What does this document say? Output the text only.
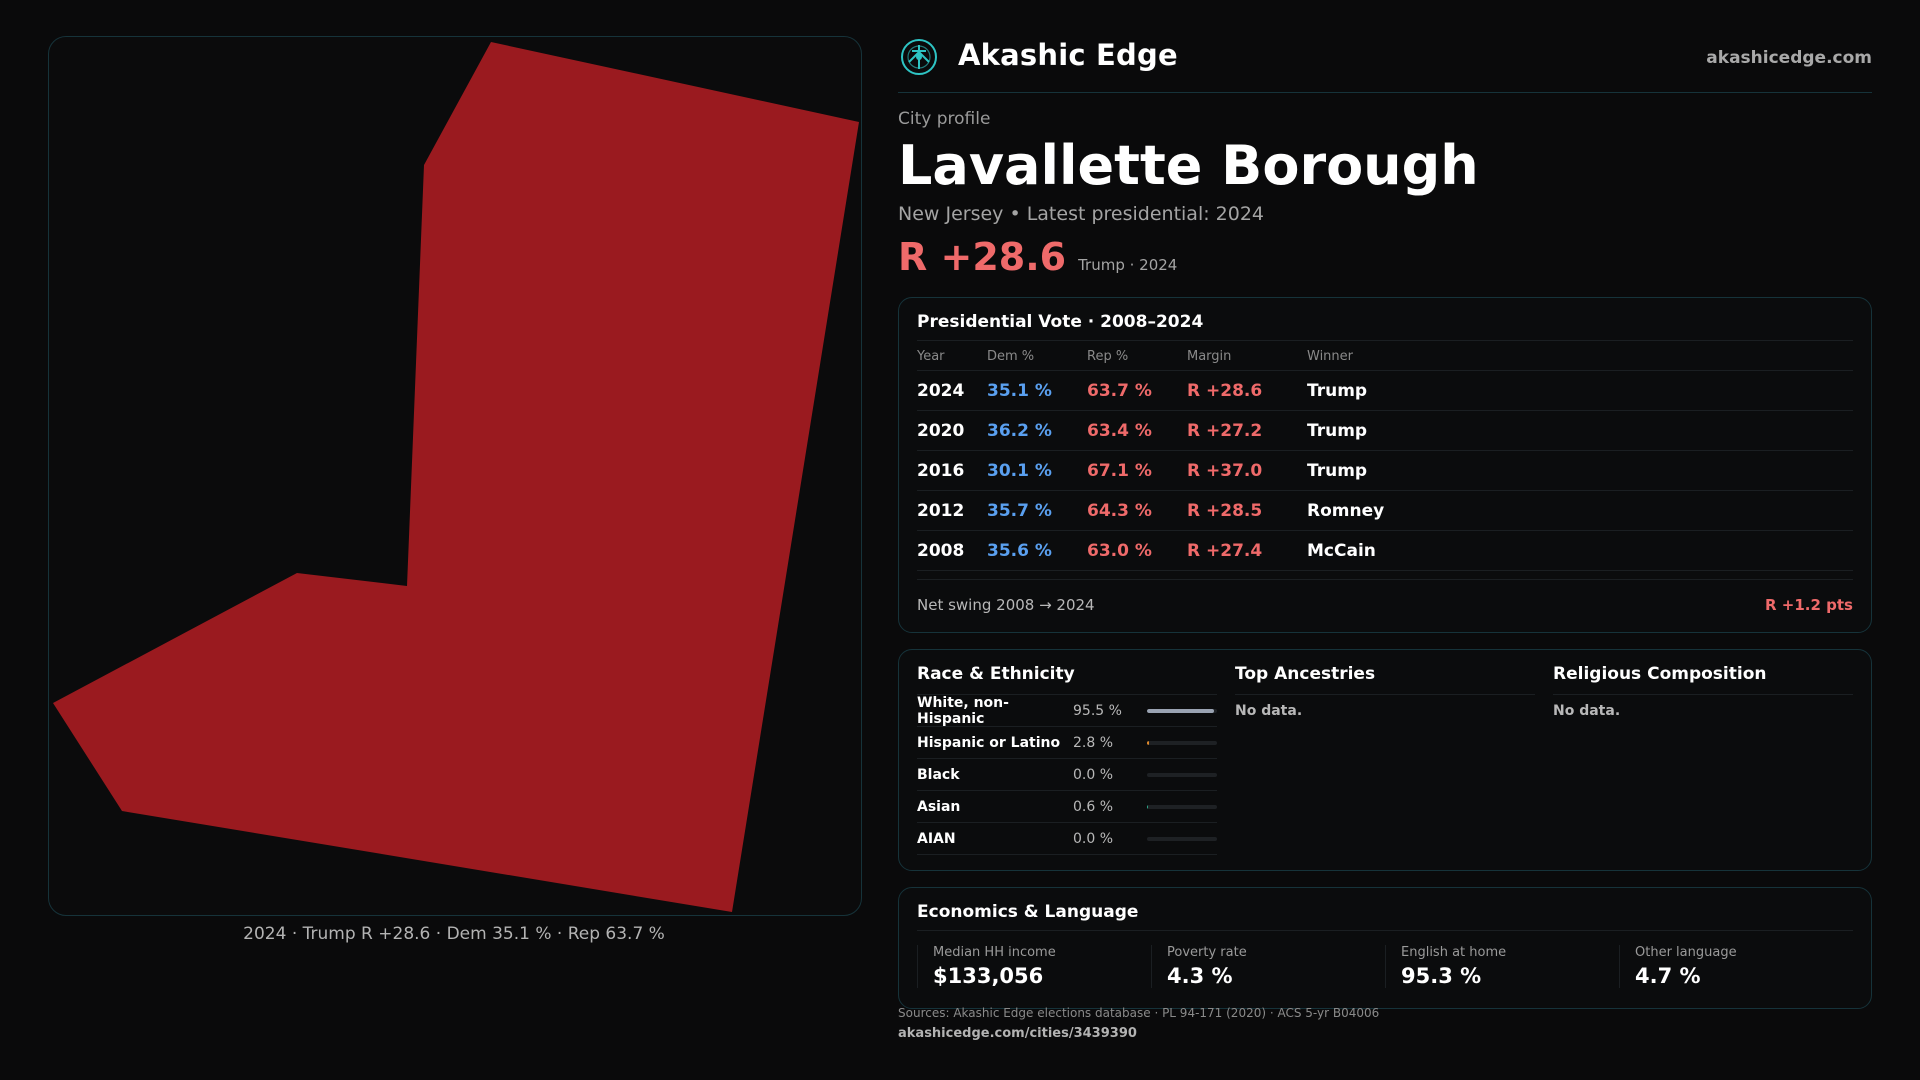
2024 · Trump R +28.6 · Dem 35.1 % · Rep 63.7 %
Akashic Edge	akashicedge.com
City profile
Lavallette Borough
New Jersey • Latest presidential: 2024
R +28.6 Trump · 2024
Presidential Vote · 2008–2024
Year	Dem %	Rep %	Margin	Winner
2024	35.1 %	63.7 %	R +28.6	Trump
2020	36.2 %	63.4 %	R +27.2	Trump
2016	30.1 %	67.1 %	R +37.0	Trump
2012	35.7 %	64.3 %	R +28.5	Romney
2008	35.6 %	63.0 %	R +27.4	McCain
Net swing 2008 → 2024	R +1.2 pts
Race & Ethnicity
White, non-Hispanic	95.5 %
Hispanic or Latino 2.8 %
Black	0.0 %
Asian	0.6 %
AIAN	0.0 %
Top Ancestries
No data.
Religious Composition
No data.
Economics & Language
Median HH income
$133,056
Poverty rate
4.3 %
English at home
95.3 %
Other language
4.7 %
Sources: Akashic Edge elections database · PL 94-171 (2020) · ACS 5-yr B04006
akashicedge.com/cities/3439390
